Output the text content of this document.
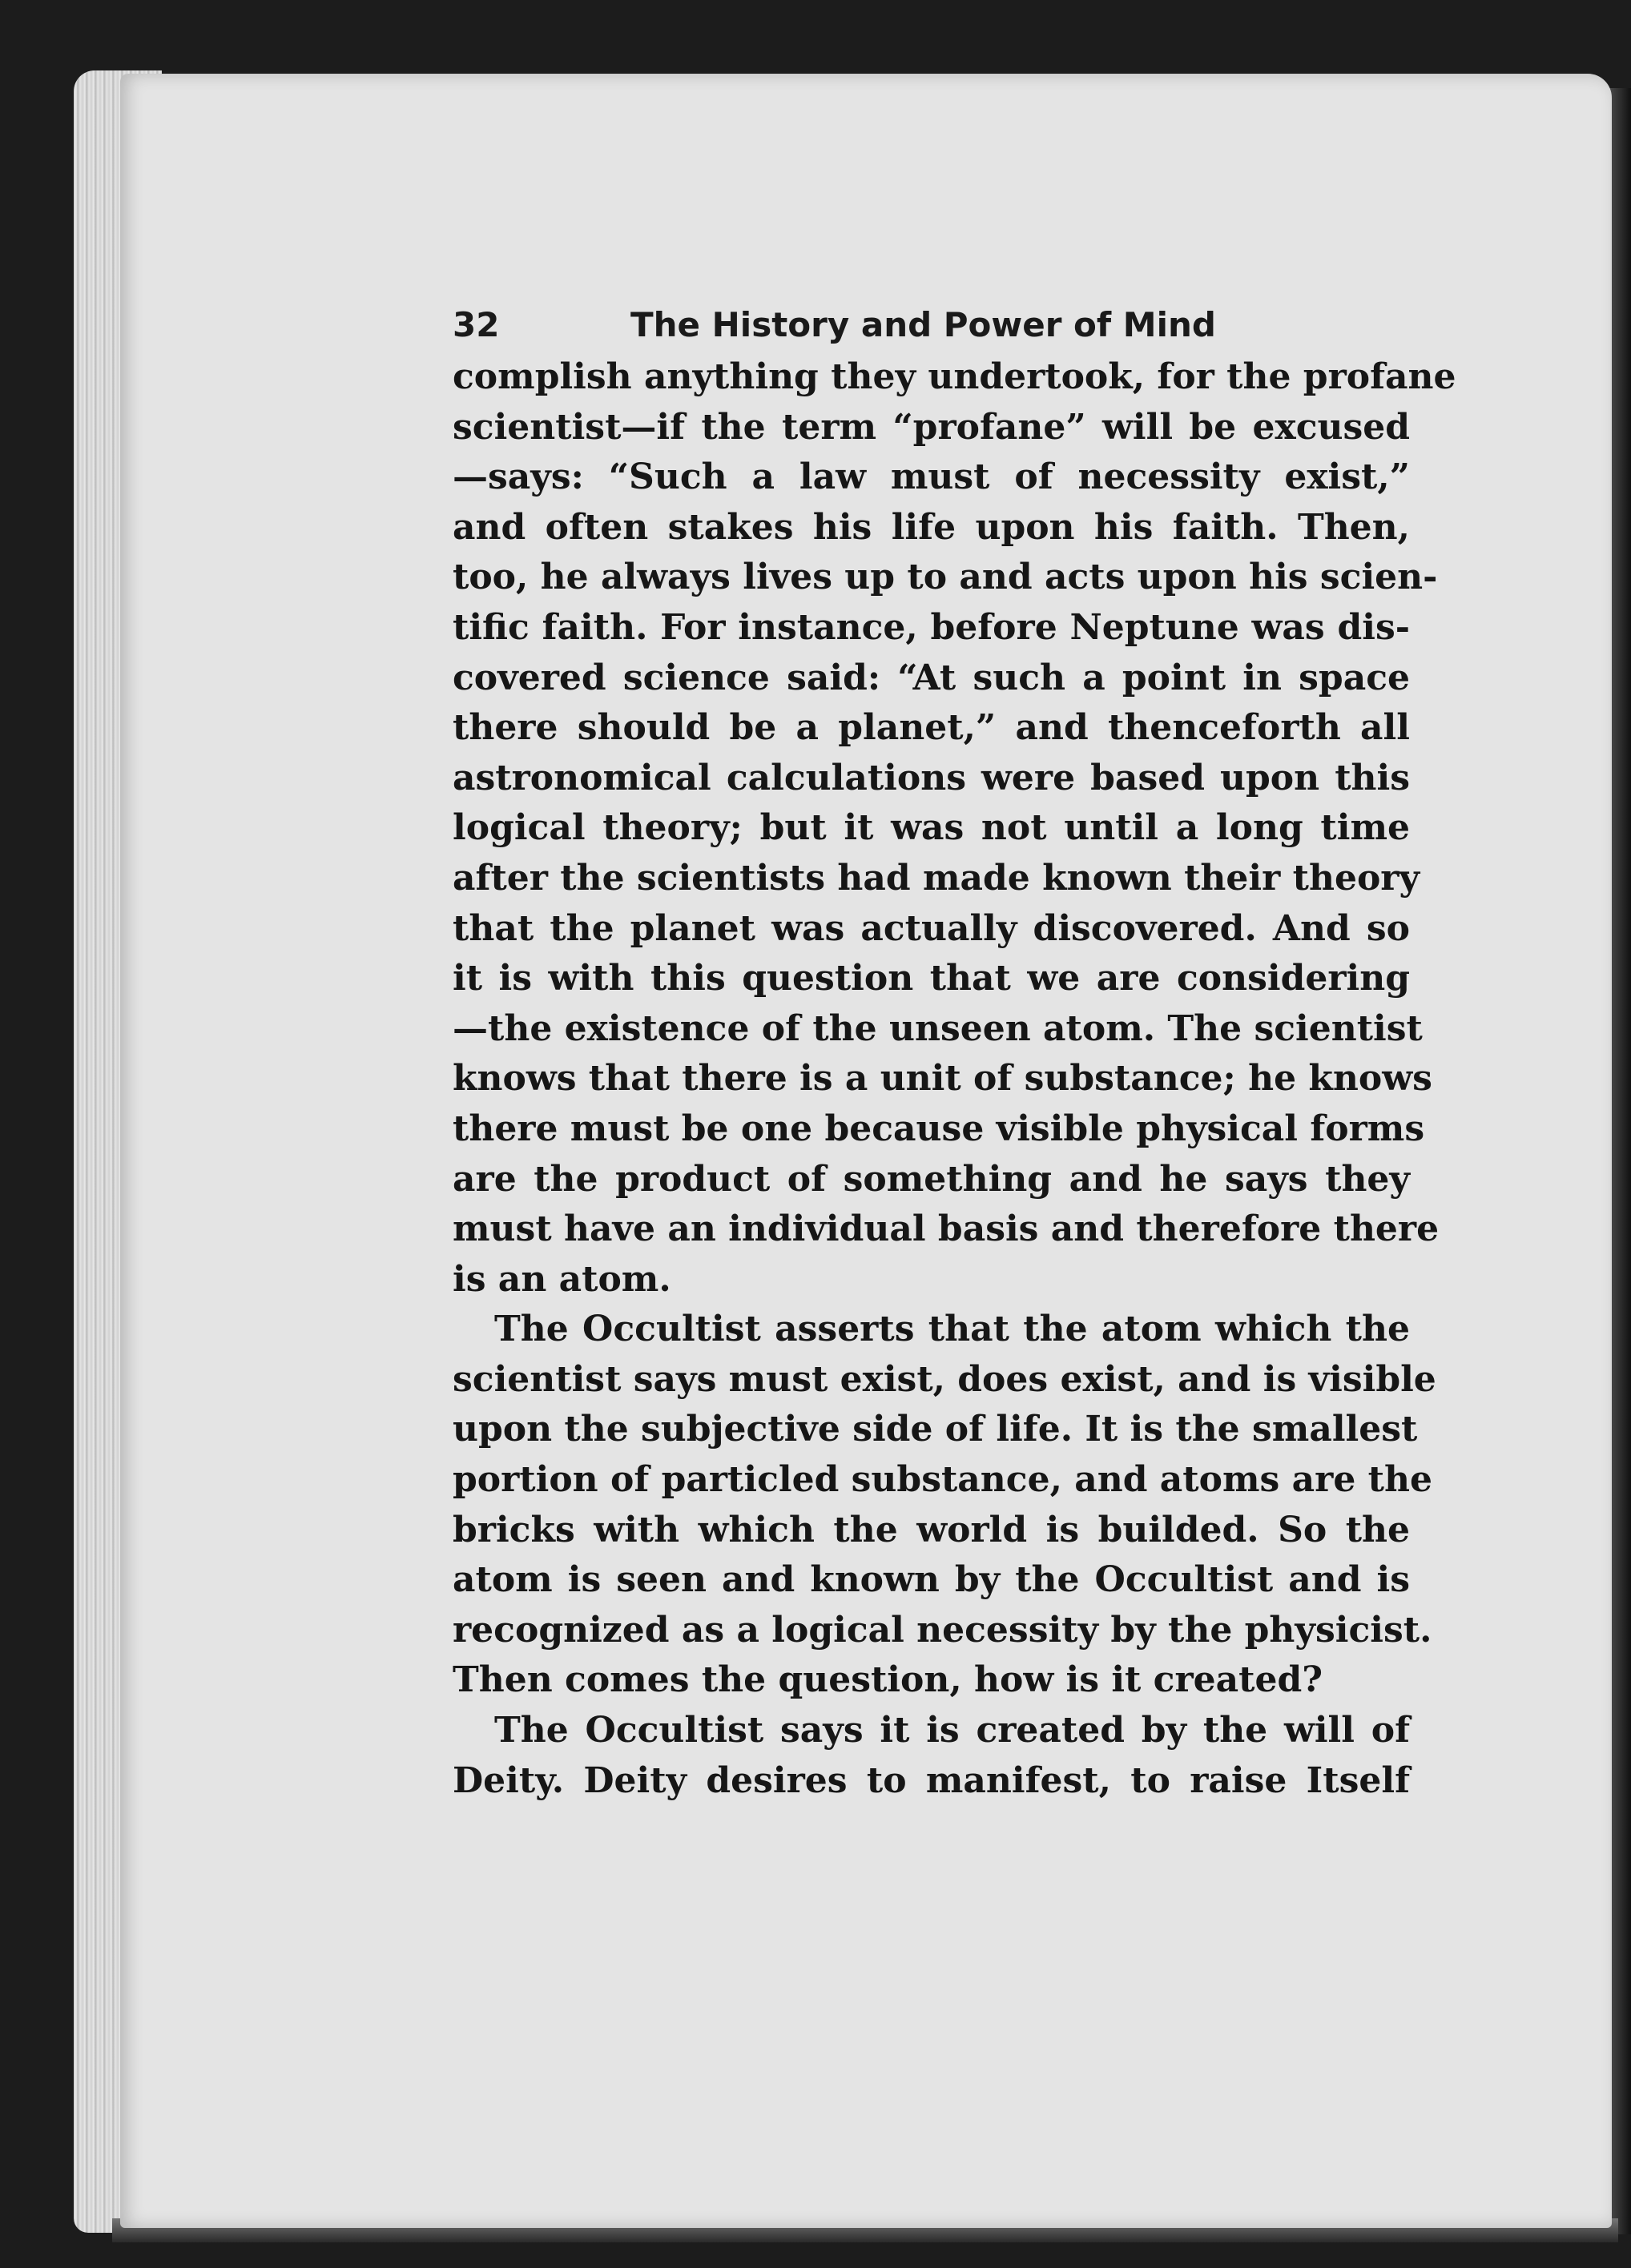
32	The History and Power of Mind
complish anything they undertook, for the profane
scientist—if the term “profane” will be excused
—says: “Such a law must of necessity exist,”
and often stakes his life upon his faith. Then,
too, he always lives up to and acts upon his scien-
tific faith. For instance, before Neptune was dis-
covered science said: “At such a point in space
there should be a planet,” and thenceforth all
astronomical calculations were based upon this
logical theory; but it was not until a long time
after the scientists had made known their theory
that the planet was actually discovered. And so
it is with this question that we are considering
—the existence of the unseen atom. The scientist
knows that there is a unit of substance; he knows
there must be one because visible physical forms
are the product of something and he says they
must have an individual basis and therefore there
is an atom.
The Occultist asserts that the atom which the
scientist says must exist, does exist, and is visible
upon the subjective side of life. It is the smallest
portion of particled substance, and atoms are the
bricks with which the world is builded. So the
atom is seen and known by the Occultist and is
recognized as a logical necessity by the physicist.
Then comes the question, how is it created?
The Occultist says it is created by the will of
Deity. Deity desires to manifest, to raise Itself
